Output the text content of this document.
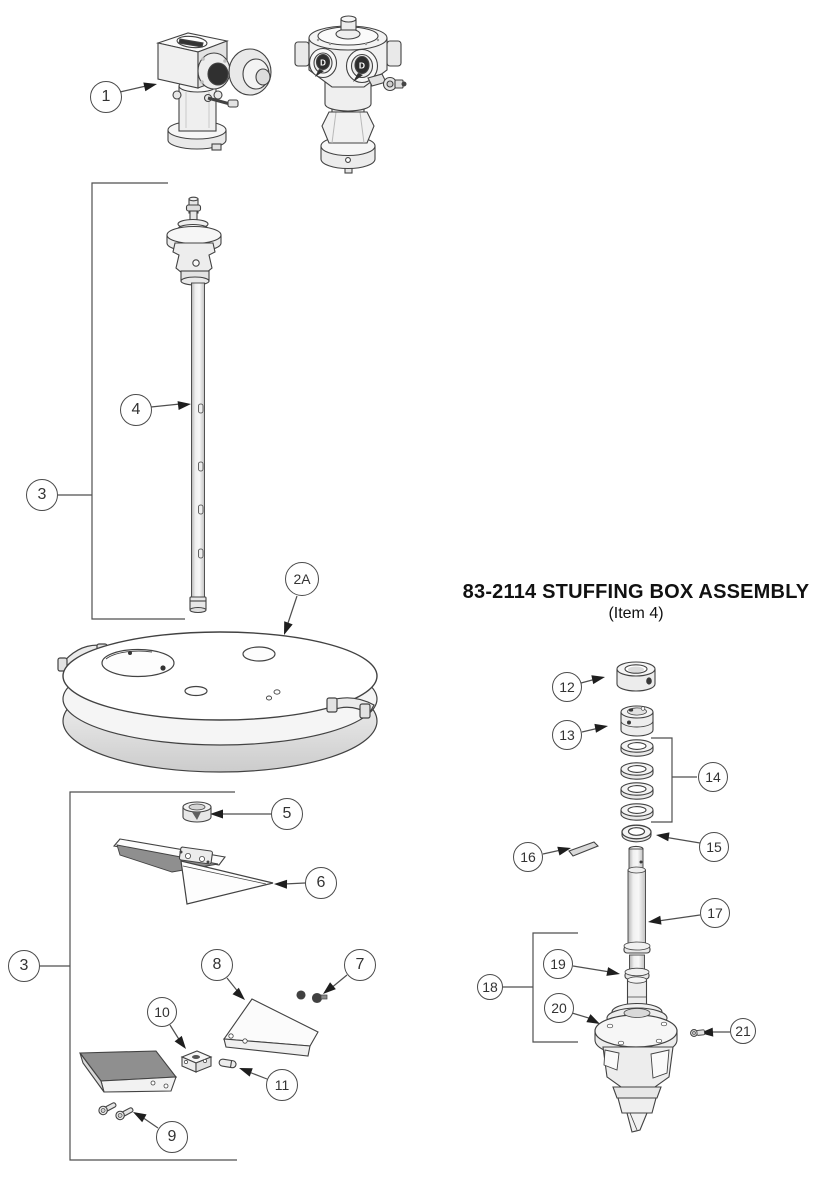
D	D
1
3
4
2A
3
5
6
8	7
10
11
9
12
13
14
15
16
17
19
18
20
21
83-2114 STUFFING BOX ASSEMBLY
(Item 4)
